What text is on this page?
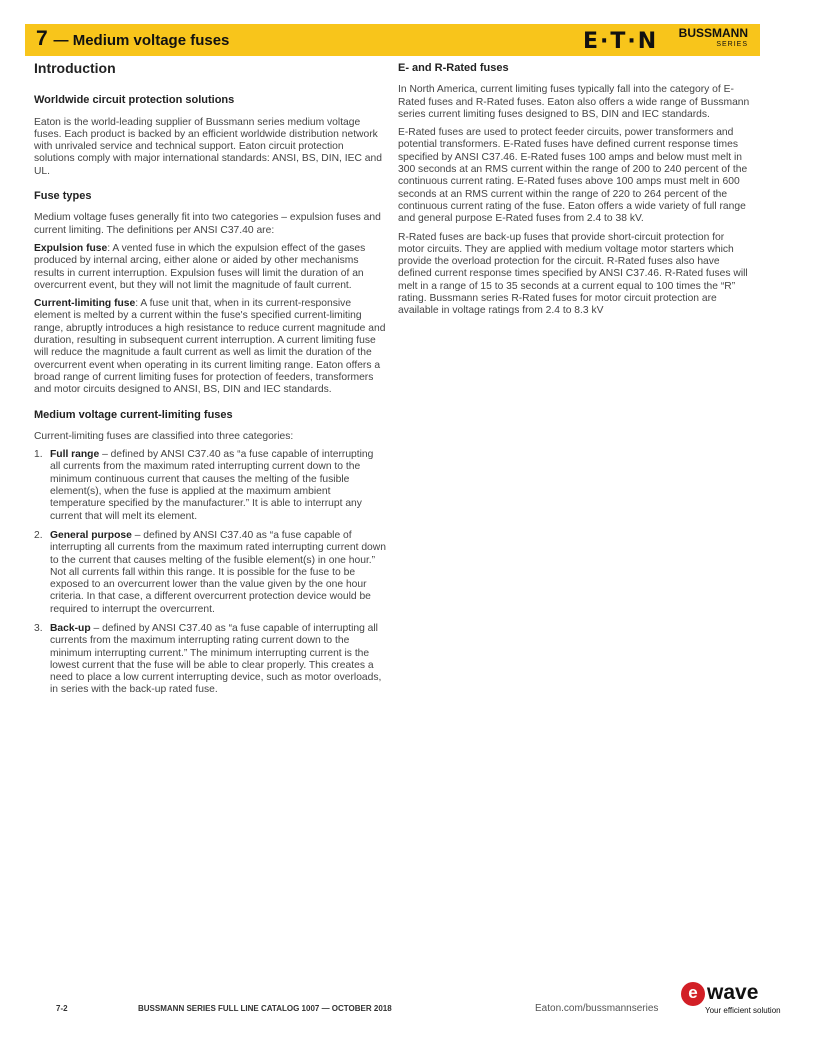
7 — Medium voltage fuses	E·T·N BUSSMANN
SERIES
Introduction
Worldwide circuit protection solutions

Eaton is the world-leading supplier of Bussmann series medium voltage fuses. Each product is backed by an efficient worldwide distribution network with unrivaled service and technical support. Eaton circuit protection solutions comply with major international standards: ANSI, BS, DIN, IEC and UL.

Fuse types

Medium voltage fuses generally fit into two categories – expulsion fuses and current limiting. The definitions per ANSI C37.40 are:

Expulsion fuse: A vented fuse in which the expulsion effect of the gases produced by internal arcing, either alone or aided by other mechanisms results in current interruption. Expulsion fuses will limit the duration of an overcurrent event, but they will not limit the magnitude of fault current.

Current-limiting fuse: A fuse unit that, when in its current-responsive element is melted by a current within the fuse's specified current-limiting range, abruptly introduces a high resistance to reduce current magnitude and duration, resulting in subsequent current interruption. A current limiting fuse will reduce the magnitude a fault current as well as limit the duration of the overcurrent event when operating in its current limiting range. Eaton offers a broad range of current limiting fuses for protection of feeders, transformers and motor circuits designed to ANSI, BS, DIN and IEC standards.

Medium voltage current-limiting fuses

Current-limiting fuses are classified into three categories:

1. Full range – defined by ANSI C37.40 as “a fuse capable of interrupting all currents from the maximum rated interrupting current down to the minimum continuous current that causes the melting of the fusible element(s), when the fuse is applied at the maximum ambient temperature specified by the manufacturer.” It is able to interrupt any current that will melt its element.
2. General purpose – defined by ANSI C37.40 as “a fuse capable of interrupting all currents from the maximum rated interrupting current down to the current that causes melting of the fusible element(s) in one hour.” Not all currents fall within this range. It is possible for the fuse to be exposed to an overcurrent lower than the value given by the one hour criteria. In that case, a different overcurrent protection device would be required to interrupt the overcurrent.
3. Back-up – defined by ANSI C37.40 as “a fuse capable of interrupting all currents from the maximum interrupting rating current down to the minimum interrupting current.” The minimum interrupting current is the lowest current that the fuse will be able to clear properly. This creates a need to place a low current interrupting device, such as motor overloads, in series with the back-up rated fuse.
E- and R-Rated fuses

In North America, current limiting fuses typically fall into the category of E-Rated fuses and R-Rated fuses. Eaton also offers a wide range of Bussmann series current limiting fuses designed to BS, DIN and IEC standards.

E-Rated fuses are used to protect feeder circuits, power transformers and potential transformers. E-Rated fuses have defined current response times specified by ANSI C37.46. E-Rated fuses 100 amps and below must melt in 300 seconds at an RMS current within the range of 200 to 240 percent of the continuous current rating. E-Rated fuses above 100 amps must melt in 600 seconds at an RMS current within the range of 220 to 264 percent of the continuous current rating of the fuse. Eaton offers a wide variety of full range and general purpose E-Rated fuses from 2.4 to 38 kV.

R-Rated fuses are back-up fuses that provide short-circuit protection for motor circuits. They are applied with medium voltage motor starters which provide the overload protection for the circuit. R-Rated fuses also have defined current response times specified by ANSI C37.46. R-Rated fuses will melt in a range of 15 to 35 seconds at a current equal to 100 times the “R” rating. Bussmann series R-Rated fuses for motor circuit protection are available in voltage ratings from 2.4 to 8.3 kV

7-2	BUSSMANN SERIES FULL LINE CATALOG 1007 — OCTOBER 2018	Eaton.com/bussmannseries
e wave
Your efficient solution
